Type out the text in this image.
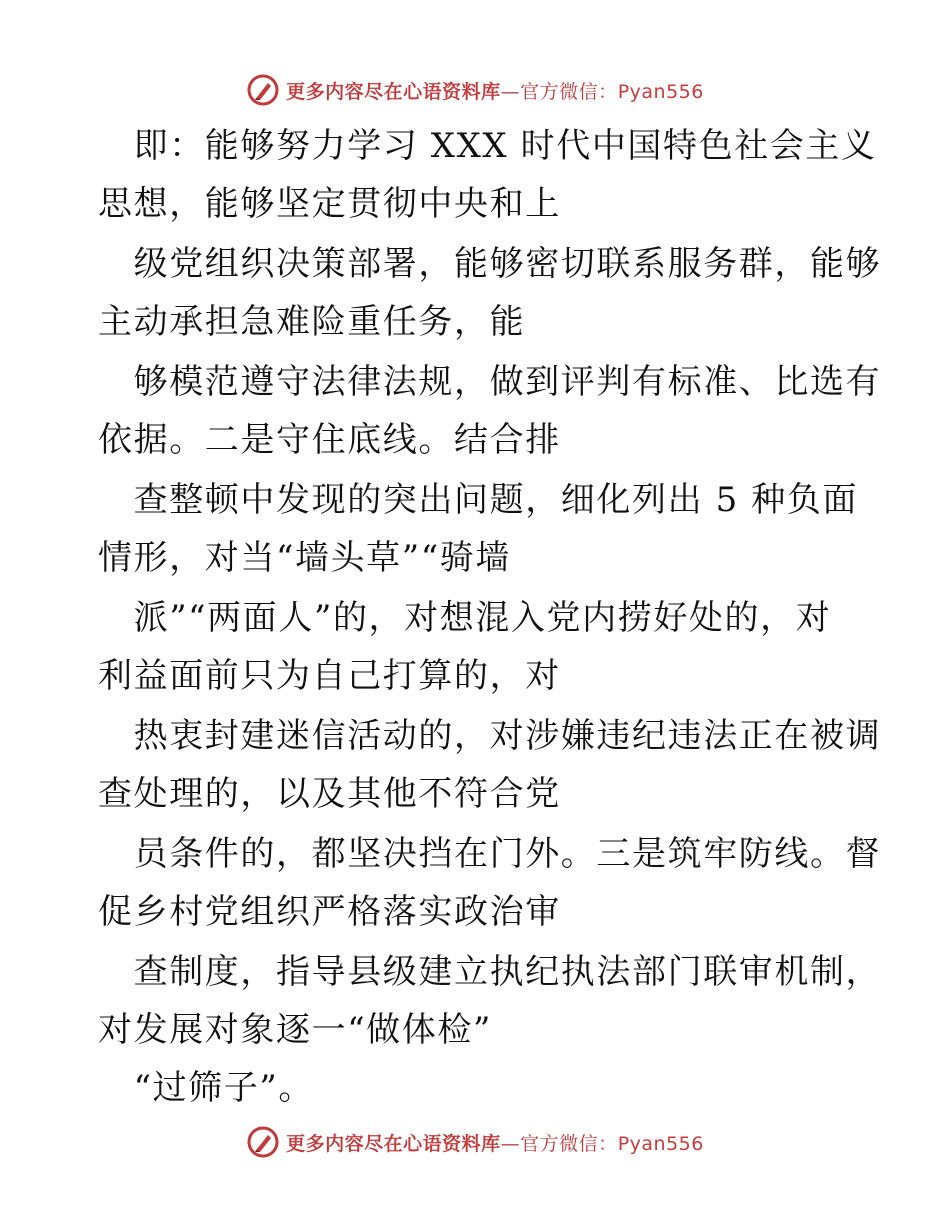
更多内容尽在心语资料库—官方微信：Pyan556
　即：能够努力学习 XXX 时代中国特色社会主义
思想，能够坚定贯彻中央和上
　级党组织决策部署，能够密切联系服务群，能够
主动承担急难险重任务，能
　够模范遵守法律法规，做到评判有标准、比选有
依据。二是守住底线。结合排
　查整顿中发现的突出问题，细化列出 5 种负面
情形，对当“墙头草”“骑墙
　派”“两面人”的，对想混入党内捞好处的，对
利益面前只为自己打算的，对
　热衷封建迷信活动的，对涉嫌违纪违法正在被调
查处理的，以及其他不符合党
　员条件的，都坚决挡在门外。三是筑牢防线。督
促乡村党组织严格落实政治审
　查制度，指导县级建立执纪执法部门联审机制，
对发展对象逐一“做体检”
　“过筛子”。
更多内容尽在心语资料库—官方微信：Pyan556
